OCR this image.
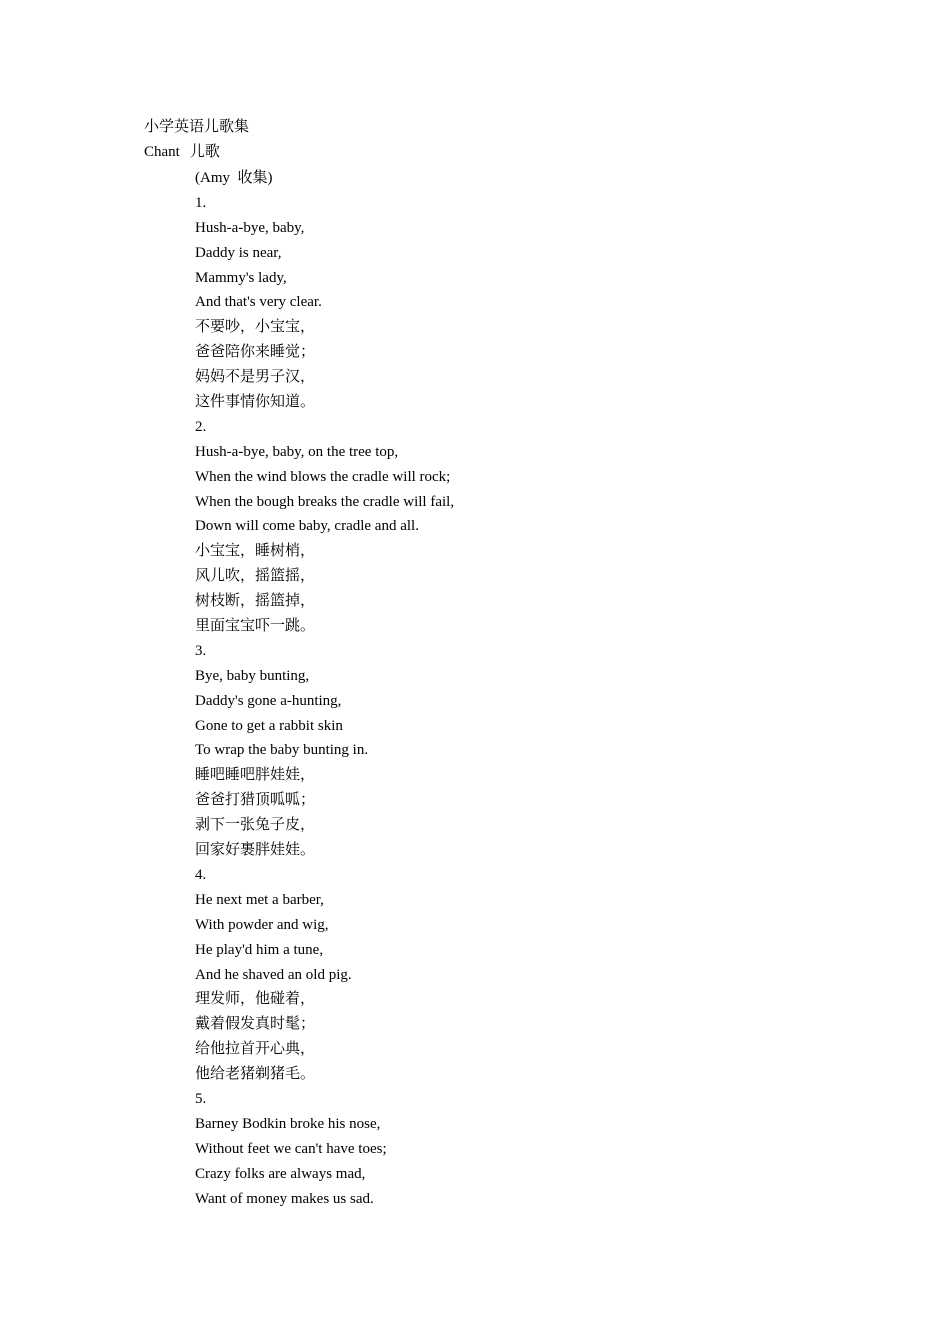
小学英语儿歌集
Chant 儿歌
(Amy  收集)
1.
Hush-a-bye, baby,
Daddy is near,
Mammy's lady,
And that's very clear.
不要吵，小宝宝，
爸爸陪你来睡觉；
妈妈不是男子汉，
这件事情你知道。
2.
Hush-a-bye, baby, on the tree top,
When the wind blows the cradle will rock;
When the bough breaks the cradle will fail,
Down will come baby, cradle and all.
小宝宝，睡树梢，
风儿吹，摇篮摇，
树枝断，摇篮掉，
里面宝宝吓一跳。
3.
Bye, baby bunting,
Daddy's gone a-hunting,
Gone to get a rabbit skin
To wrap the baby bunting in.
睡吧睡吧胖娃娃，
爸爸打猎顶呱呱；
剥下一张兔子皮，
回家好裹胖娃娃。
4.
He next met a barber,
With powder and wig,
He play'd him a tune,
And he shaved an old pig.
理发师，他碰着，
戴着假发真时髦；
给他拉首开心典，
他给老猪剃猪毛。
5.
Barney Bodkin broke his nose,
Without feet we can't have toes;
Crazy folks are always mad,
Want of money makes us sad.
